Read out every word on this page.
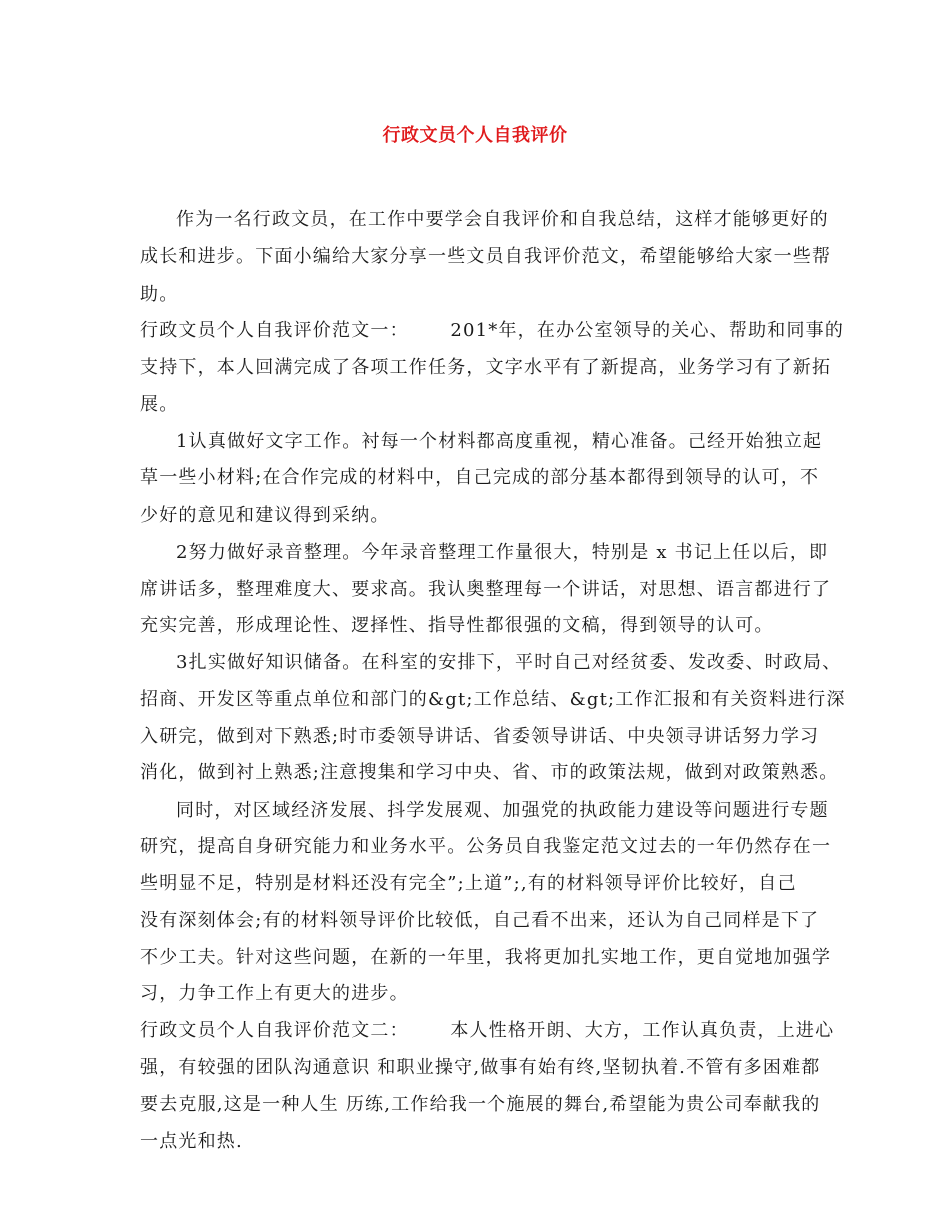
行政文员个人自我评价
作为一名行政文员，在工作中要学会自我评价和自我总结，这样才能够更好的
成长和进步。下面小编给大家分享一些文员自我评价范文，希望能够给大家一些帮
助。
行政文员个人自我评价范文一：      201*年，在办公室领导的关心、帮助和同事的
支持下，本人回满完成了各项工作任务，文字水平有了新提高，业务学习有了新拓
展。
1认真做好文字工作。衬每一个材料都高度重视，精心准备。己经开始独立起
草一些小材料;在合作完成的材料中，自己完成的部分基本都得到领导的认可，不
少好的意见和建议得到采纳。
2努力做好录音整理。今年录音整理工作量很大，特别是 x 书记上任以后，即
席讲话多，整理难度大、要求高。我认奥整理每一个讲话，对思想、语言都进行了
充实完善，形成理论性、逻择性、指导性都很强的文稿，得到领导的认可。
3扎实做好知识储备。在科室的安排下，平时自己对经贫委、发改委、时政局、
招商、开发区等重点单位和部门的&gt;工作总结、&gt;工作汇报和有关资料进行深
入研完，做到对下熟悉;时市委领导讲话、省委领导讲话、中央领寻讲话努力学习
消化，做到衬上熟悉;注意搜集和学习中央、省、市的政策法规，做到对政策熟悉。
同时，对区域经济发展、抖学发展观、加强党的执政能力建设等问题进行专题
研究，提高自身研究能力和业务水平。公务员自我鉴定范文过去的一年仍然存在一
些明显不足，特别是材料还没有完全”;上道”;,有的材料领导评价比较好，自己
没有深刻体会;有的材料领导评价比较低，自己看不出来，还认为自己同样是下了
不少工夫。针对这些问题，在新的一年里，我将更加扎实地工作，更自觉地加强学
习，力争工作上有更大的进步。
行政文员个人自我评价范文二：      本人性格开朗、大方，工作认真负责，上进心
强，有较强的团队沟通意识 和职业操守,做事有始有终,坚韧执着.不管有多困难都
要去克服,这是一种人生 历练,工作给我一个施展的舞台,希望能为贵公司奉献我的
一点光和热.
